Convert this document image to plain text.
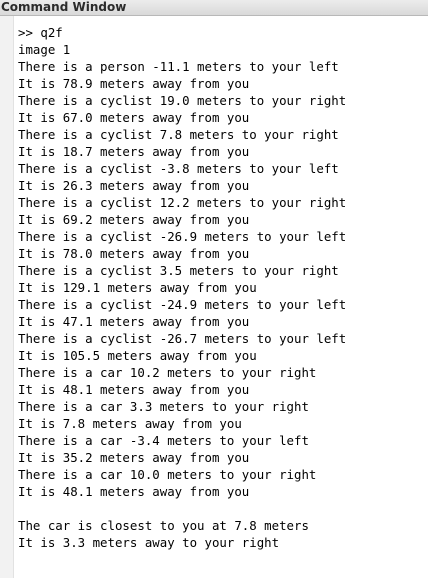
Command Window
>> q2f
image 1
There is a person -11.1 meters to your left
It is 78.9 meters away from you
There is a cyclist 19.0 meters to your right
It is 67.0 meters away from you
There is a cyclist 7.8 meters to your right
It is 18.7 meters away from you
There is a cyclist -3.8 meters to your left
It is 26.3 meters away from you
There is a cyclist 12.2 meters to your right
It is 69.2 meters away from you
There is a cyclist -26.9 meters to your left
It is 78.0 meters away from you
There is a cyclist 3.5 meters to your right
It is 129.1 meters away from you
There is a cyclist -24.9 meters to your left
It is 47.1 meters away from you
There is a cyclist -26.7 meters to your left
It is 105.5 meters away from you
There is a car 10.2 meters to your right
It is 48.1 meters away from you
There is a car 3.3 meters to your right
It is 7.8 meters away from you
There is a car -3.4 meters to your left
It is 35.2 meters away from you
There is a car 10.0 meters to your right
It is 48.1 meters away from you
The car is closest to you at 7.8 meters
It is 3.3 meters away to your right
